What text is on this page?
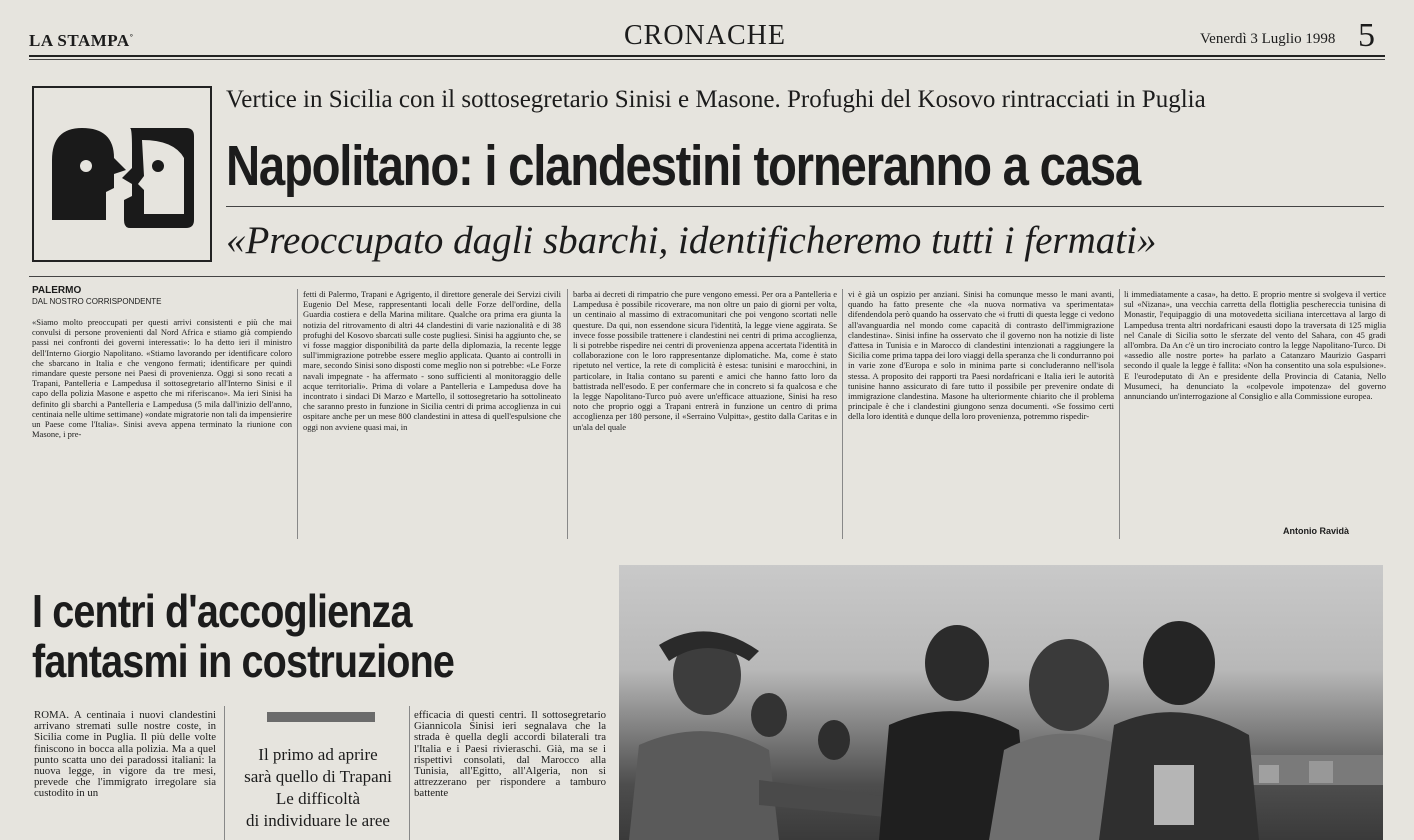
LA STAMPA°	CRONACHE	Venerdì 3 Luglio 1998 5
Vertice in Sicilia con il sottosegretario Sinisi e Masone. Profughi del Kosovo rintracciati in Puglia
Napolitano: i clandestini torneranno a casa
«Preoccupato dagli sbarchi, identificheremo tutti i fermati»
PALERMO
DAL NOSTRO CORRISPONDENTE

«Siamo molto preoccupati per questi arrivi consistenti e più che mai convulsi di persone provenienti dal Nord Africa e stiamo già compiendo passi nei confronti dei governi interessati»: lo ha detto ieri il ministro dell'Interno Giorgio Napolitano. «Stiamo lavorando per identificare coloro che sbarcano in Italia e che vengono fermati; identificare per quindi rimandare queste persone nei Paesi di provenienza. Oggi si sono recati a Trapani, Pantelleria e Lampedusa il sottosegretario all'Interno Sinisi e il capo della polizia Masone e aspetto che mi riferiscano». Ma ieri Sinisi ha definito gli sbarchi a Pantelleria e Lampedusa (5 mila dall'inizio dell'anno, centinaia nelle ultime settimane) «ondate migratorie non tali da impensierire un Paese come l'Italia». Sinisi aveva appena terminato la riunione con Masone, i pre-

fetti di Palermo, Trapani e Agrigento, il direttore generale dei Servizi civili Eugenio Del Mese, rappresentanti locali delle Forze dell'ordine, della Guardia costiera e della Marina militare. Qualche ora prima era giunta la notizia del ritrovamento di altri 44 clandestini di varie nazionalità e di 38 profughi del Kosovo sbarcati sulle coste pugliesi. Sinisi ha aggiunto che, se vi fosse maggior disponibilità da parte della diplomazia, la recente legge sull'immigrazione potrebbe essere meglio applicata. Quanto ai controlli in mare, secondo Sinisi sono disposti come meglio non si potrebbe: «Le Forze navali impegnate - ha affermato - sono sufficienti al monitoraggio delle acque territoriali». Prima di volare a Pantelleria e Lampedusa dove ha incontrato i sindaci Di Marzo e Martello, il sottosegretario ha sottolineato che saranno presto in funzione in Sicilia centri di prima accoglienza in cui ospitare anche per un mese 800 clandestini in attesa di quell'espulsione che oggi non avviene quasi mai, in

barba ai decreti di rimpatrio che pure vengono emessi. Per ora a Pantelleria e Lampedusa è possibile ricoverare, ma non oltre un paio di giorni per volta, un centinaio al massimo di extracomunitari che poi vengono scortati nelle questure. Da qui, non essendone sicura l'identità, la legge viene aggirata. Se invece fosse possibile trattenere i clandestini nei centri di prima accoglienza, li si potrebbe rispedire nei centri di provenienza appena accertata l'identità in collaborazione con le loro rappresentanze diplomatiche. Ma, come è stato ripetuto nel vertice, la rete di complicità è estesa: tunisini e marocchini, in particolare, in Italia contano su parenti e amici che hanno fatto loro da battistrada nell'esodo. E per confermare che in concreto si fa qualcosa e che la legge Napolitano-Turco può avere un'efficace attuazione, Sinisi ha reso noto che proprio oggi a Trapani entrerà in funzione un centro di prima accoglienza per 180 persone, il «Serraino Vulpitta», gestito dalla Caritas e in un'ala del quale

vi è già un ospizio per anziani. Sinisi ha comunque messo le mani avanti, quando ha fatto presente che «la nuova normativa va sperimentata» difendendola però quando ha osservato che «i frutti di questa legge ci vedono all'avanguardia nel mondo come capacità di contrasto dell'immigrazione clandestina». Sinisi infine ha osservato che il governo non ha notizie di liste d'attesa in Tunisia e in Marocco di clandestini intenzionati a raggiungere la Sicilia come prima tappa dei loro viaggi della speranza che li condurranno poi in varie zone d'Europa e solo in minima parte si concluderanno nell'isola stessa. A proposito dei rapporti tra Paesi nordafricani e Italia ieri le autorità tunisine hanno assicurato di fare tutto il possibile per prevenire ondate di immigrazione clandestina. Masone ha ulteriormente chiarito che il problema principale è che i clandestini giungono senza documenti. «Se fossimo certi della loro identità e dunque della loro provenienza, potremmo rispedir-

li immediatamente a casa», ha detto. E proprio mentre si svolgeva il vertice sul «Nizana», una vecchia carretta della flottiglia peschereccia tunisina di Monastir, l'equipaggio di una motovedetta siciliana intercettava al largo di Lampedusa trenta altri nordafricani esausti dopo la traversata di 125 miglia nel Canale di Sicilia sotto le sferzate del vento del Sahara, con 45 gradi all'ombra. Da An c'è un tiro incrociato contro la legge Napolitano-Turco. Di «assedio alle nostre porte» ha parlato a Catanzaro Maurizio Gasparri secondo il quale la legge è fallita: «Non ha consentito una sola espulsione». E l'eurodeputato di An e presidente della Provincia di Catania, Nello Musumeci, ha denunciato la «colpevole impotenza» del governo annunciando un'interrogazione al Consiglio e alla Commissione europea.

Antonio Ravidà
I centri d'accoglienza
fantasmi in costruzione
ROMA. A centinaia i nuovi clandestini arrivano stremati sulle nostre coste, in Sicilia come in Puglia. Il più delle volte finiscono in bocca alla polizia. Ma a quel punto scatta uno dei paradossi italiani: la nuova legge, in vigore da tre mesi, prevede che l'immigrato irregolare sia custodito in un
Il primo ad aprire
sarà quello di Trapani
Le difficoltà
di individuare le aree
efficacia di questi centri. Il sottosegretario Giannicola Sinisi ieri segnalava che la strada è quella degli accordi bilaterali tra l'Italia e i Paesi rivieraschi. Già, ma se i rispettivi consolati, dal Marocco alla Tunisia, all'Egitto, all'Algeria, non si attrezzerano per rispondere a tamburo battente
